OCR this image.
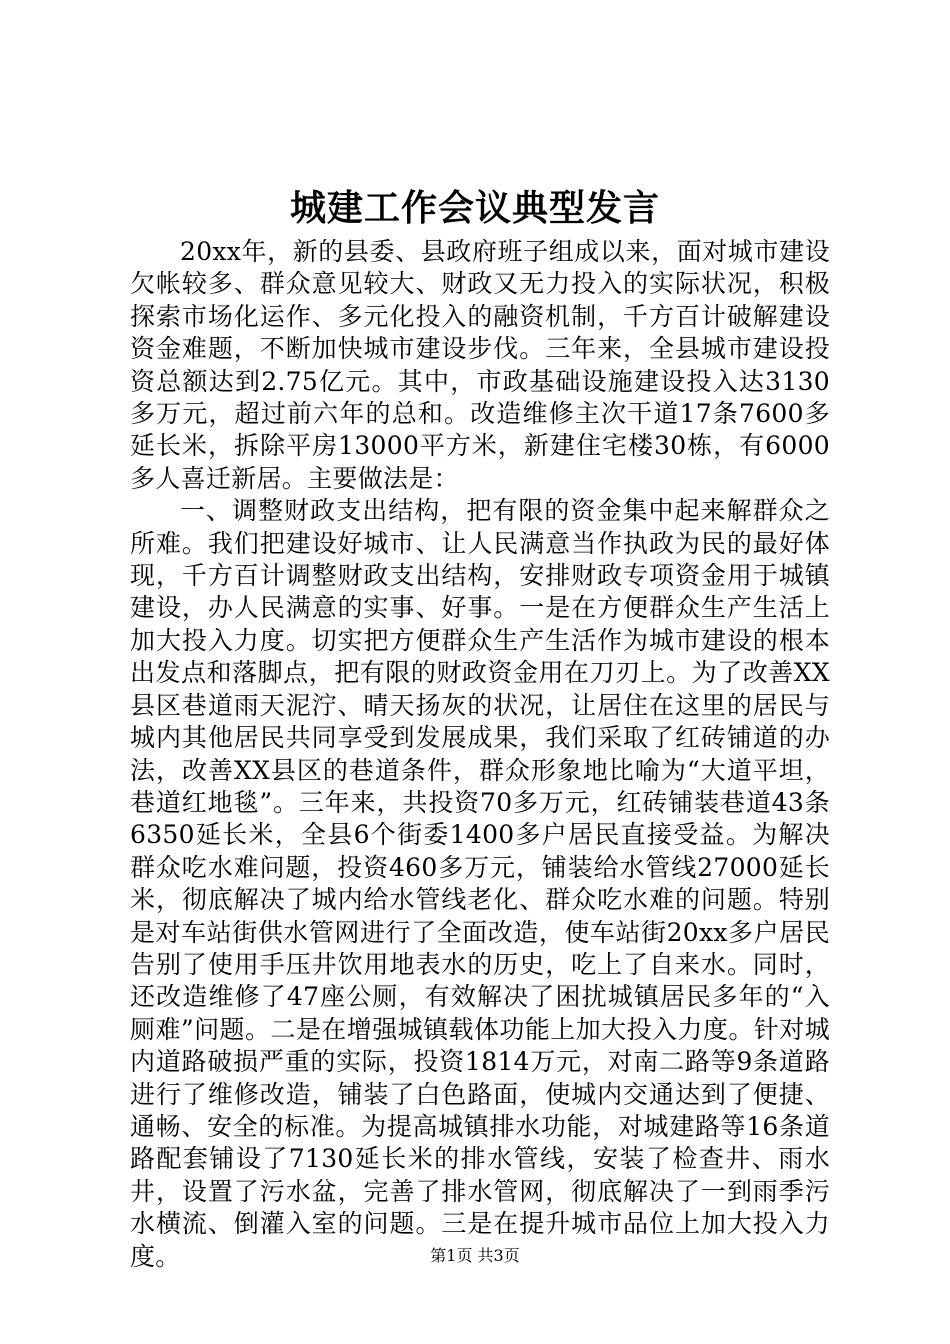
城建工作会议典型发言

20xx年，新的县委、县政府班子组成以来，面对城市建设欠帐较多、群众意见较大、财政又无力投入的实际状况，积极探索市场化运作、多元化投入的融资机制，千方百计破解建设资金难题，不断加快城市建设步伐。三年来，全县城市建设投资总额达到2.75亿元。其中，市政基础设施建设投入达3130多万元，超过前六年的总和。改造维修主次干道17条7600多延长米，拆除平房13000平方米，新建住宅楼30栋，有6000多人喜迁新居。主要做法是：

一、调整财政支出结构，把有限的资金集中起来解群众之所难。我们把建设好城市、让人民满意当作执政为民的最好体现，千方百计调整财政支出结构，安排财政专项资金用于城镇建设，办人民满意的实事、好事。一是在方便群众生产生活上加大投入力度。切实把方便群众生产生活作为城市建设的根本出发点和落脚点，把有限的财政资金用在刀刃上。为了改善XX县区巷道雨天泥泞、晴天扬灰的状况，让居住在这里的居民与城内其他居民共同享受到发展成果，我们采取了红砖铺道的办法，改善XX县区的巷道条件，群众形象地比喻为“大道平坦，巷道红地毯”。三年来，共投资70多万元，红砖铺装巷道43条6350延长米，全县6个街委1400多户居民直接受益。为解决群众吃水难问题，投资460多万元，铺装给水管线27000延长米，彻底解决了城内给水管线老化、群众吃水难的问题。特别是对车站街供水管网进行了全面改造，使车站街20xx多户居民告别了使用手压井饮用地表水的历史，吃上了自来水。同时，还改造维修了47座公厕，有效解决了困扰城镇居民多年的“入厕难”问题。二是在增强城镇载体功能上加大投入力度。针对城内道路破损严重的实际，投资1814万元，对南二路等9条道路进行了维修改造，铺装了白色路面，使城内交通达到了便捷、通畅、安全的标准。为提高城镇排水功能，对城建路等16条道路配套铺设了7130延长米的排水管线，安装了检查井、雨水井，设置了污水盆，完善了排水管网，彻底解决了一到雨季污水横流、倒灌入室的问题。三是在提升城市品位上加大投入力度。	第1页 共3页
